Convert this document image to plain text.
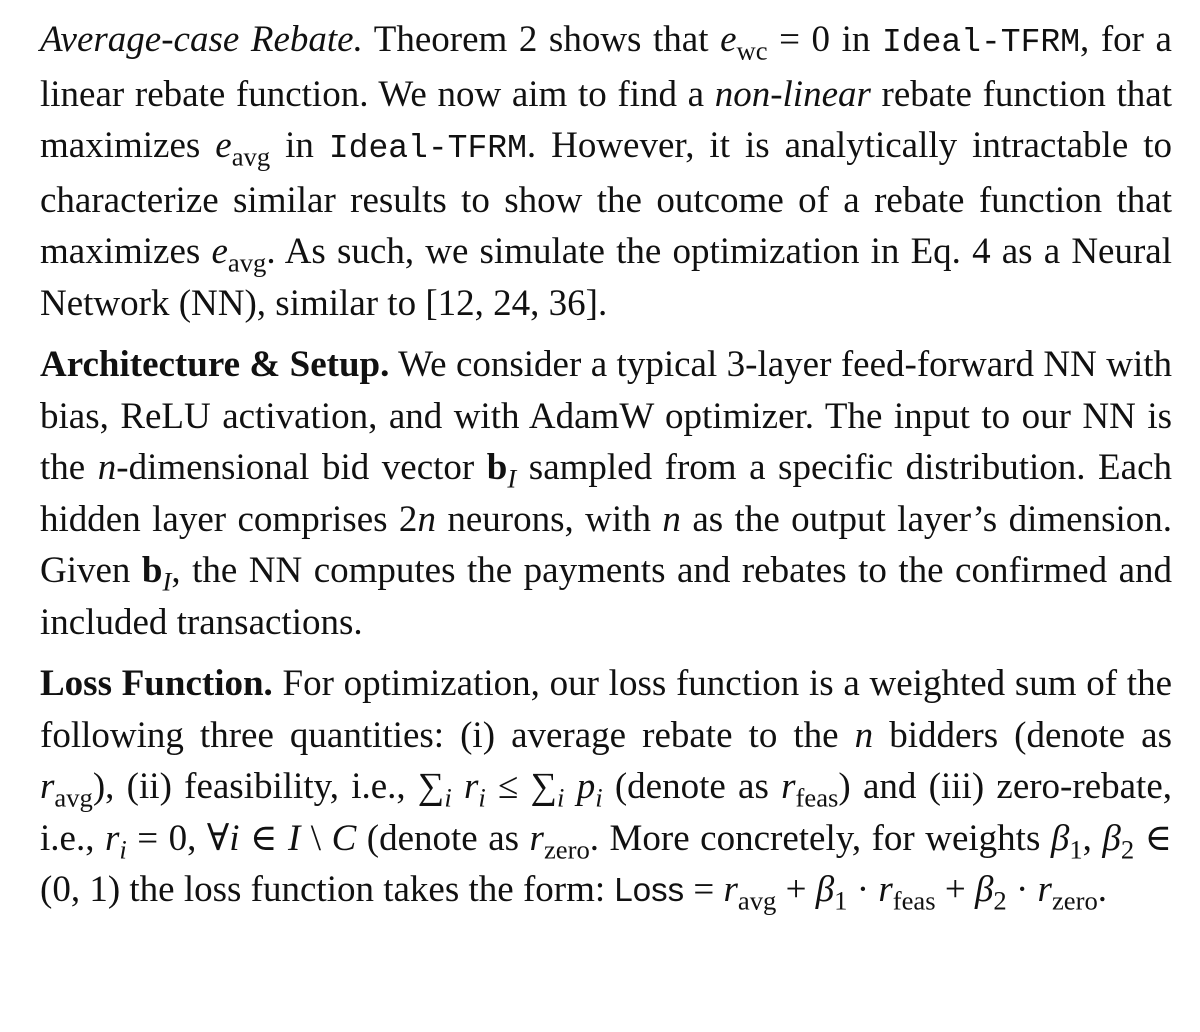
Average-case Rebate. Theorem 2 shows that $e_{wc} = 0$ in Ideal-TFRM, for a linear rebate function. We now aim to find a non-linear rebate function that maximizes $e_{avg}$ in Ideal-TFRM. However, it is analytically intractable to characterize similar results to show the outcome of a rebate function that maximizes $e_{avg}$. As such, we simulate the optimization in Eq. 4 as a Neural Network (NN), similar to [12, 24, 36].

Architecture & Setup. We consider a typical 3-layer feed-forward NN with bias, ReLU activation, and with AdamW optimizer. The input to our NN is the n-dimensional bid vector $b_I$ sampled from a specific distribution. Each hidden layer comprises 2n neurons, with n as the output layer’s dimension. Given $b_I$, the NN computes the payments and rebates to the confirmed and included transactions.

Loss Function. For optimization, our loss function is a weighted sum of the following three quantities: (i) average rebate to the n bidders (denote as $r_{avg}$), (ii) feasibility, i.e., $\sum_i$ $r_i \le \sum_i$ $p_i$ (denote as $r_{feas}$) and (iii) zero-rebate, i.e., $r_i = 0$, ∀i ∈ I \ C (denote as $r_{zero}$. More concretely, for weights $\beta_1$, $\beta_2$ ∈ (0, 1) the loss function takes the form: Loss = $r_{avg} + \beta_1 \cdot r_{feas} + \beta_2 \cdot r_{zero}$.
